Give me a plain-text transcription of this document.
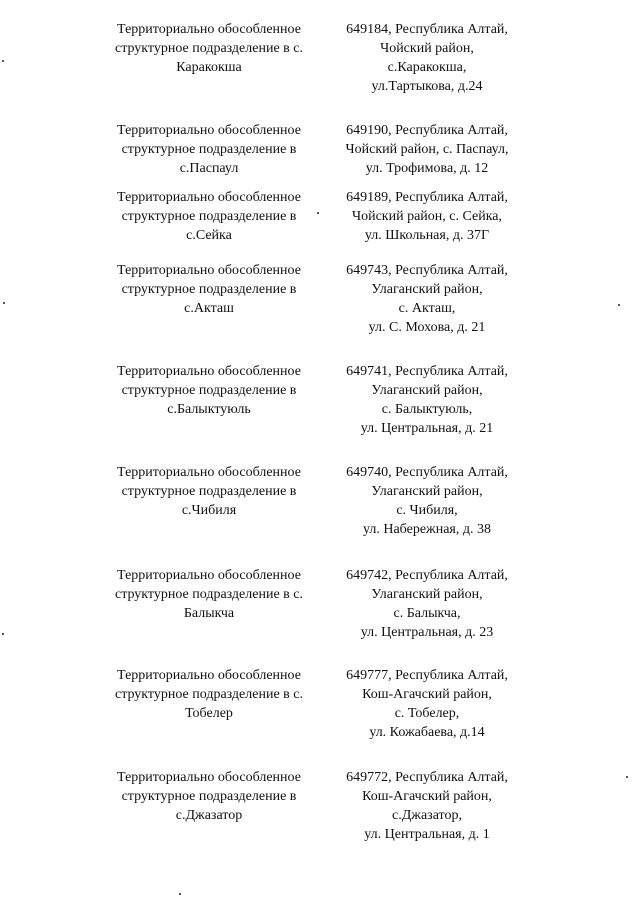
Территориально обособленное
структурное подразделение в с.
Каракокша
649184, Республика Алтай,
Чойский район,
с.Каракокша,
ул.Тартыкова, д.24
Территориально обособленное
структурное подразделение в
с.Паспаул
649190, Республика Алтай,
Чойский район, с. Паспаул,
ул. Трофимова, д. 12
Территориально обособленное
структурное подразделение в
с.Сейка
649189, Республика Алтай,
Чойский район, с. Сейка,
ул. Школьная, д. 37Г
Территориально обособленное
структурное подразделение в
с.Акташ
649743, Республика Алтай,
Улаганский район,
с. Акташ,
ул. С. Мохова, д. 21
Территориально обособленное
структурное подразделение в
с.Балыктуюль
649741, Республика Алтай,
Улаганский район,
с. Балыктуюль,
ул. Центральная, д. 21
Территориально обособленное
структурное подразделение в
с.Чибиля
649740, Республика Алтай,
Улаганский район,
с. Чибиля,
ул. Набережная, д. 38
Территориально обособленное
структурное подразделение в с.
Балыкча
649742, Республика Алтай,
Улаганский район,
с. Балыкча,
ул. Центральная, д. 23
Территориально обособленное
структурное подразделение в с.
Тобелер
649777, Республика Алтай,
Кош-Агачский район,
с. Тобелер,
ул. Кожабаева, д.14
Территориально обособленное
структурное подразделение в
с.Джазатор
649772, Республика Алтай,
Кош-Агачский район,
с.Джазатор,
ул. Центральная, д. 1
